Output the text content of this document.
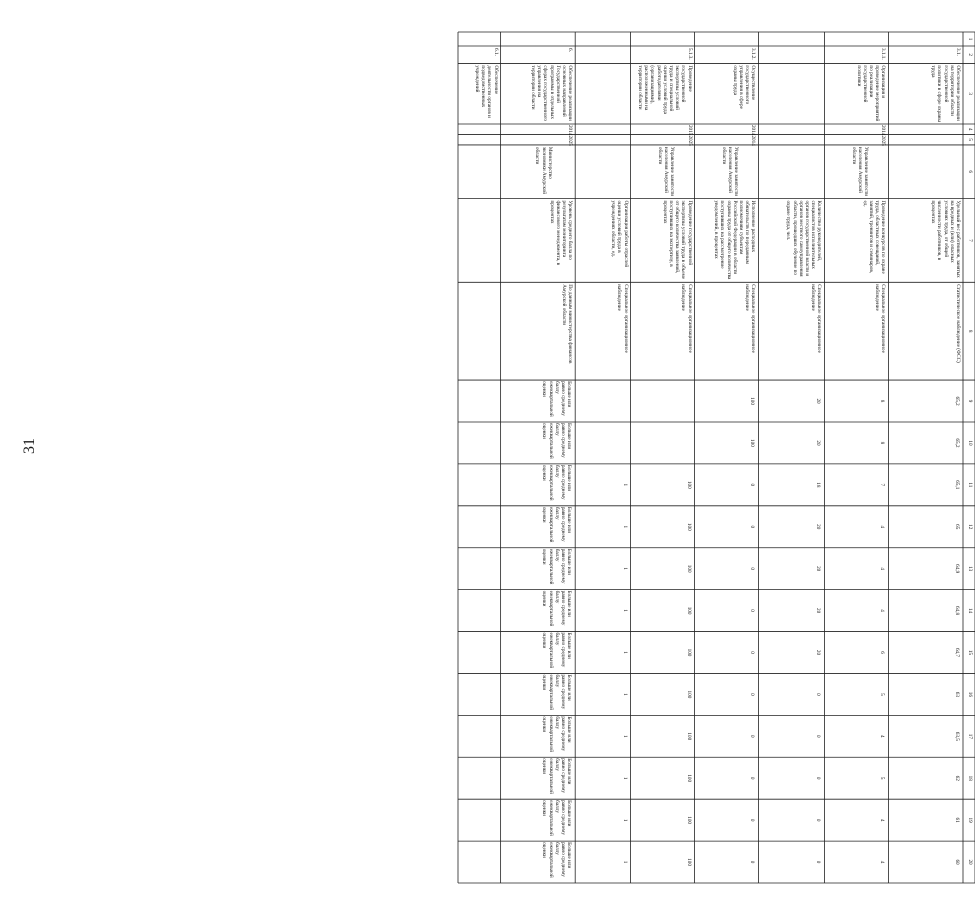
31
1
2
3
4
5
6
7
8
9
10
11
12
13
14
15
16
17
18
19
20
3.1.
Обеспечение реализации на территории области государственной политики в сфере охраны труда
Удельный вес работников, занятых на вредных и (или) опасных условиях труда, от общей численности работников, в процентах
Статистическое наблюдение (ФСС)
65,2
65,2
65,1
65
64,9
64,8
64,7
63
63,5
62
61
60
3.1.1.
Организация и проведение мероприятий по реализации государственной политики
2014
2025
Управление занятости населения Амурской области
Проведение конкурсов по охране труда, областных совещаний, занятий, тренингов и семинаров, ед.
Специальное организационное наблюдение
8
8
7
4
4
4
6
5
4
5
4
4
Количество руководителей, специалистов исполнительных органов государственной власти и органов местного самоуправления области, прошедших обучение по охране труда, чел.
Специальное организационное наблюдение
20
20
18
20
20
20
20
0
0
0
0
0
3.1.2.
Осуществление государственного управления в сфере охраны труда
2014
2014
Управление занятости населения Амурской области
Исполнение расходных обязательств по переданным полномочиям субъектам Российской Федерации в области охраны труда от общего количества поступивших на рассмотрение уведомлений, в процентах
Специальное организационное наблюдение
100
100
0
0
0
0
0
0
0
0
0
0
5.1.3.
Проведение государственной экспертизы условий труда и специальной оценки условий труда работодателями (организациями), расположенными на территории области
2015
2025
Управление занятости населения Амурской области
Проведение государственной экспертизы условий труда в объеме от общего количества заявлений, поступивших на экспертизу, в процентах
Специальное организационное наблюдение
100
100
100
100
100
100
100
100
100
100
Организация работы отраслей оценки условий труда в учреждениях области, ед.
Специальное организационное наблюдение
1
1
1
1
1
1
1
1
1
1
6.
Обеспечение реализации основных направлений Государственной программы в отдельных сферах государственного управления на территории области
2014
2025
Министерство экономики Амурской области
Уровень среднего балла по результатам мониторинга финансового менеджмента, в процентах
По данным министерства финансов Амурской области
Больше или равно среднему баллу ежеквартальной оценки
Больше или равно среднему баллу ежеквартальной оценки
Больше или равно среднему баллу ежеквартальной оценки
Больше или равно среднему баллу ежеквартальной оценки
Больше или равно среднему баллу ежеквартальной оценки
Больше или равно среднему баллу ежеквартальной оценки
Больше или равно среднему баллу ежеквартальной оценки
Больше или равно среднему баллу ежеквартальной оценки
Больше или равно среднему баллу ежеквартальной оценки
Больше или равно среднему баллу ежеквартальной оценки
Больше или равно среднему баллу ежеквартальной оценки
Больше или равно среднему баллу ежеквартальной оценки
6.1.
Обеспечение деятельности органов и подведомственных учреждений
